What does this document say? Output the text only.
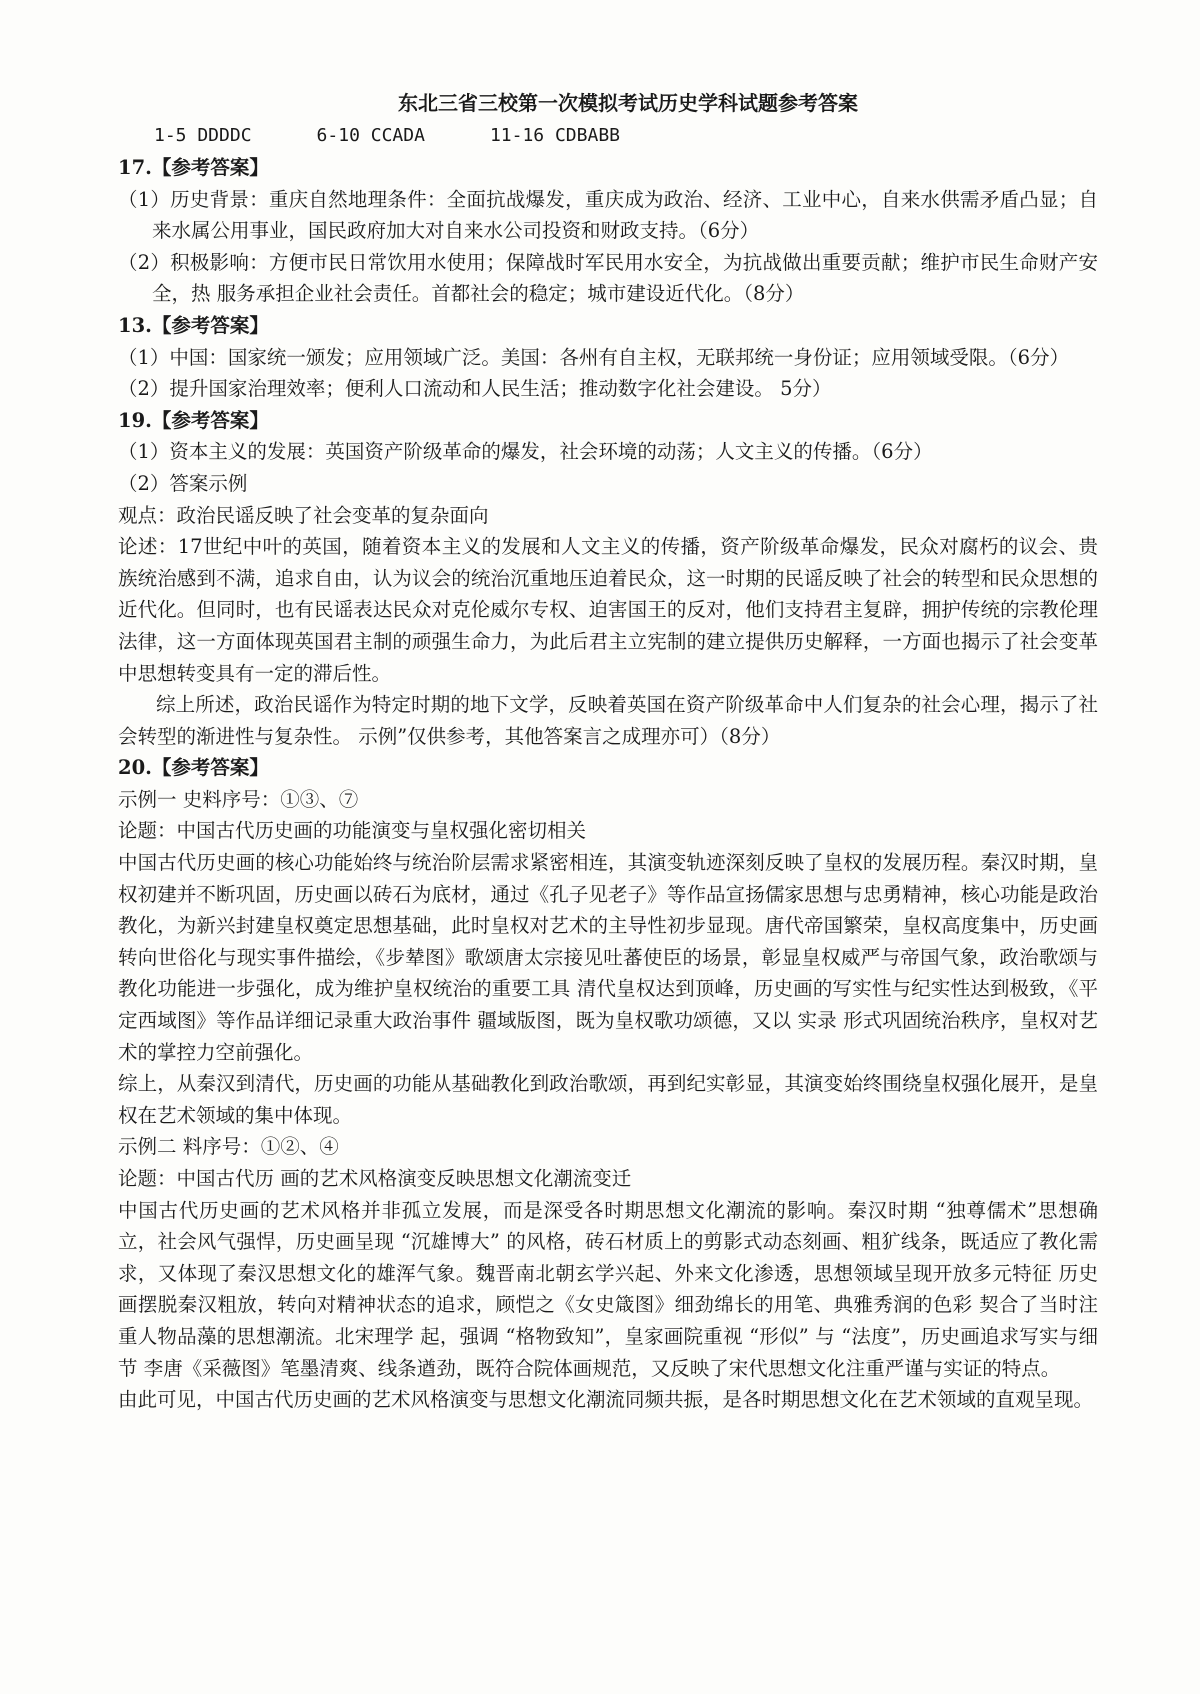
东北三省三校第一次模拟考试历史学科试题参考答案
1-5 DDDDC      6-10 CCADA      11-16 CDBABB
17.【参考答案】

（1）历史背景：重庆自然地理条件：全面抗战爆发，重庆成为政治、经济、工业中心，自来水供需矛盾凸显；自来水属公用事业，国民政府加大对自来水公司投资和财政支持。（6分）

（2）积极影响：方便市民日常饮用水使用；保障战时军民用水安全，为抗战做出重要贡献；维护市民生命财产安全，热 服务承担企业社会责任。首都社会的稳定；城市建设近代化。（8分）

13.【参考答案】

（1）中国：国家统一颁发；应用领域广泛。美国：各州有自主权，无联邦统一身份证；应用领域受限。（6分）

（2）提升国家治理效率；便利人口流动和人民生活；推动数字化社会建设。 5分）

19.【参考答案】

（1）资本主义的发展：英国资产阶级革命的爆发，社会环境的动荡；人文主义的传播。（6分）

（2）答案示例

观点：政治民谣反映了社会变革的复杂面向

论述：17世纪中叶的英国，随着资本主义的发展和人文主义的传播，资产阶级革命爆发，民众对腐朽的议会、贵族统治感到不满，追求自由，认为议会的统治沉重地压迫着民众，这一时期的民谣反映了社会的转型和民众思想的近代化。但同时，也有民谣表达民众对克伦威尔专权、迫害国王的反对，他们支持君主复辟，拥护传统的宗教伦理法律，这一方面体现英国君主制的顽强生命力，为此后君主立宪制的建立提供历史解释，一方面也揭示了社会变革中思想转变具有一定的滞后性。

综上所述，政治民谣作为特定时期的地下文学，反映着英国在资产阶级革命中人们复杂的社会心理，揭示了社会转型的渐进性与复杂性。 示例”仅供参考，其他答案言之成理亦可）（8分）

20.【参考答案】

示例一 史料序号：①③、⑦

论题：中国古代历史画的功能演变与皇权强化密切相关

中国古代历史画的核心功能始终与统治阶层需求紧密相连，其演变轨迹深刻反映了皇权的发展历程。秦汉时期，皇权初建并不断巩固，历史画以砖石为底材，通过《孔子见老子》等作品宣扬儒家思想与忠勇精神，核心功能是政治教化，为新兴封建皇权奠定思想基础，此时皇权对艺术的主导性初步显现。唐代帝国繁荣，皇权高度集中，历史画转向世俗化与现实事件描绘，《步辇图》歌颂唐太宗接见吐蕃使臣的场景，彰显皇权威严与帝国气象，政治歌颂与教化功能进一步强化，成为维护皇权统治的重要工具 清代皇权达到顶峰，历史画的写实性与纪实性达到极致，《平定西域图》等作品详细记录重大政治事件 疆域版图，既为皇权歌功颂德，又以 实录 形式巩固统治秩序，皇权对艺术的掌控力空前强化。

综上，从秦汉到清代，历史画的功能从基础教化到政治歌颂，再到纪实彰显，其演变始终围绕皇权强化展开，是皇权在艺术领域的集中体现。

示例二 料序号：①②、④

论题：中国古代历 画的艺术风格演变反映思想文化潮流变迁

中国古代历史画的艺术风格并非孤立发展，而是深受各时期思想文化潮流的影响。秦汉时期 “独尊儒术”思想确立，社会风气强悍，历史画呈现 “沉雄博大” 的风格，砖石材质上的剪影式动态刻画、粗犷线条，既适应了教化需求，又体现了秦汉思想文化的雄浑气象。魏晋南北朝玄学兴起、外来文化渗透，思想领域呈现开放多元特征 历史画摆脱秦汉粗放，转向对精神状态的追求，顾恺之《女史箴图》细劲绵长的用笔、典雅秀润的色彩 契合了当时注重人物品藻的思想潮流。北宋理学 起，强调 “格物致知”，皇家画院重视 “形似” 与 “法度”，历史画追求写实与细节 李唐《采薇图》笔墨清爽、线条遒劲，既符合院体画规范，又反映了宋代思想文化注重严谨与实证的特点。

由此可见，中国古代历史画的艺术风格演变与思想文化潮流同频共振，是各时期思想文化在艺术领域的直观呈现。
